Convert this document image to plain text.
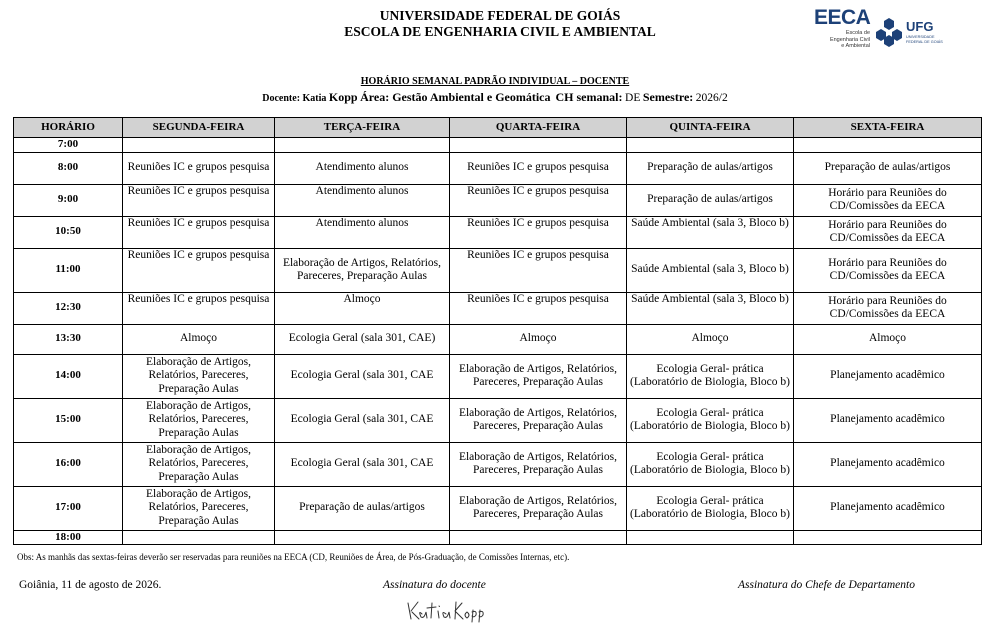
UNIVERSIDADE FEDERAL DE GOIÁS
ESCOLA DE ENGENHARIA CIVIL E AMBIENTAL
EECA
Escola de
Engenharia Civil
e Ambiental
UFG
UNIVERSIDADE
FEDERAL DE GOIÁS
HORÁRIO SEMANAL PADRÃO INDIVIDUAL – DOCENTE
Docente: Katia Kopp Área: Gestão Ambiental e Geomática CH semanal: DE Semestre: 2026/2
HORÁRIO	SEGUNDA-FEIRA	TERÇA-FEIRA	QUARTA-FEIRA	QUINTA-FEIRA	SEXTA-FEIRA
7:00					
8:00	Reuniões IC e grupos pesquisa	Atendimento alunos	Reuniões IC e grupos pesquisa	Preparação de aulas/artigos	Preparação de aulas/artigos
9:00	Reuniões IC e grupos pesquisa	Atendimento alunos	Reuniões IC e grupos pesquisa	Preparação de aulas/artigos	Horário para Reuniões do CD/Comissões da EECA
10:50	Reuniões IC e grupos pesquisa	Atendimento alunos	Reuniões IC e grupos pesquisa	Saúde Ambiental (sala 3, Bloco b)	Horário para Reuniões do CD/Comissões da EECA
11:00	Reuniões IC e grupos pesquisa	Elaboração de Artigos, Relatórios, Pareceres, Preparação Aulas	Reuniões IC e grupos pesquisa	Saúde Ambiental (sala 3, Bloco b)	Horário para Reuniões do CD/Comissões da EECA
12:30	Reuniões IC e grupos pesquisa	Almoço	Reuniões IC e grupos pesquisa	Saúde Ambiental (sala 3, Bloco b)	Horário para Reuniões do CD/Comissões da EECA
13:30	Almoço	Ecologia Geral (sala 301, CAE)	Almoço	Almoço	Almoço
14:00	Elaboração de Artigos, Relatórios, Pareceres, Preparação Aulas	Ecologia Geral (sala 301, CAE	Elaboração de Artigos, Relatórios, Pareceres, Preparação Aulas	Ecologia Geral- prática (Laboratório de Biologia, Bloco b)	Planejamento acadêmico
15:00	Elaboração de Artigos, Relatórios, Pareceres, Preparação Aulas	Ecologia Geral (sala 301, CAE	Elaboração de Artigos, Relatórios, Pareceres, Preparação Aulas	Ecologia Geral- prática (Laboratório de Biologia, Bloco b)	Planejamento acadêmico
16:00	Elaboração de Artigos, Relatórios, Pareceres, Preparação Aulas	Ecologia Geral (sala 301, CAE	Elaboração de Artigos, Relatórios, Pareceres, Preparação Aulas	Ecologia Geral- prática (Laboratório de Biologia, Bloco b)	Planejamento acadêmico
17:00	Elaboração de Artigos, Relatórios, Pareceres, Preparação Aulas	Preparação de aulas/artigos	Elaboração de Artigos, Relatórios, Pareceres, Preparação Aulas	Ecologia Geral- prática (Laboratório de Biologia, Bloco b)	Planejamento acadêmico
18:00					
Obs: As manhãs das sextas-feiras deverão ser reservadas para reuniões na EECA (CD, Reuniões de Área, de Pós-Graduação, de Comissões Internas, etc).
Goiânia, 11 de agosto de 2026.	Assinatura do docente	Assinatura do Chefe de Departamento
